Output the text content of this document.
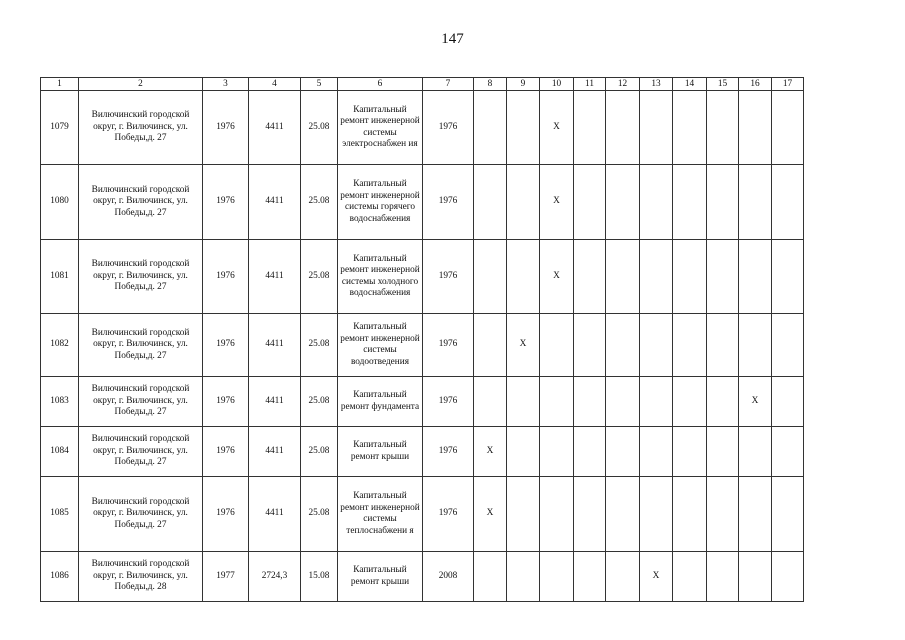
147
1	2	3	4	5	6	7	8	9	10	11	12	13	14	15	16	17
1079	Вилючинский городской округ, г. Вилючинск, ул. Победы,д. 27	1976	4411	25.08	Капитальный ремонт инженерной системы электроснабжен ия	1976			X							
1080	Вилючинский городской округ, г. Вилючинск, ул. Победы,д. 27	1976	4411	25.08	Капитальный ремонт инженерной системы горячего водоснабжения	1976			X							
1081	Вилючинский городской округ, г. Вилючинск, ул. Победы,д. 27	1976	4411	25.08	Капитальный ремонт инженерной системы холодного водоснабжения	1976			X							
1082	Вилючинский городской округ, г. Вилючинск, ул. Победы,д. 27	1976	4411	25.08	Капитальный ремонт инженерной системы водоотведения	1976		X								
1083	Вилючинский городской округ, г. Вилючинск, ул. Победы,д. 27	1976	4411	25.08	Капитальный ремонт фундамента	1976									X	
1084	Вилючинский городской округ, г. Вилючинск, ул. Победы,д. 27	1976	4411	25.08	Капитальный ремонт крыши	1976	X									
1085	Вилючинский городской округ, г. Вилючинск, ул. Победы,д. 27	1976	4411	25.08	Капитальный ремонт инженерной системы теплоснабжени я	1976	X									
1086	Вилючинский городской округ, г. Вилючинск, ул. Победы,д. 28	1977	2724,3	15.08	Капитальный ремонт крыши	2008						X				
